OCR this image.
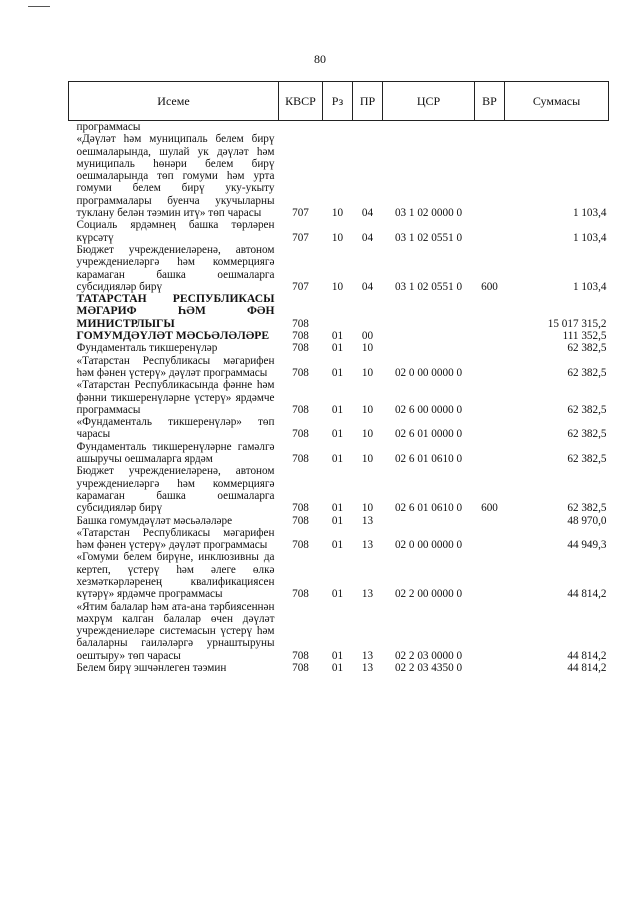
80
Исеме	КВСР	Рз	ПР	ЦСР	ВР	Суммасы
программасы						
«Дәүләт һәм муниципаль белем бирү оешмаларында, шулай ук дәүләт һәм муниципаль һөнәри белем бирү оешмаларында төп гомуми һәм урта гомуми белем бирү уку-укыту программалары буенча укучыларны туклану белән тәэмин итү» төп чарасы	707	10	04	03 1 02 0000 0		1 103,4
Социаль ярдәмнең башка төрләрен күрсәтү	707	10	04	03 1 02 0551 0		1 103,4
Бюджет учреждениеләренә, автоном учреждениеләргә һәм коммерциягә карамаган башка оешмаларга субсидияләр бирү	707	10	04	03 1 02 0551 0	600	1 103,4
ТАТАРСТАН РЕСПУБЛИКАСЫ МӘГАРИФ ҺӘМ ФӘН МИНИСТРЛЫГЫ	708					15 017 315,2
ГОМУМДӘҮЛӘТ МӘСЬӘЛӘЛӘРЕ	708	01	00			111 352,5
Фундаменталь тикшеренүләр	708	01	10			62 382,5
«Татарстан Республикасы мәгарифен һәм фәнен үстерү» дәүләт программасы	708	01	10	02 0 00 0000 0		62 382,5
«Татарстан Республикасында фәнне һәм фәнни тикшеренүләрне үстерү» ярдәмче программасы	708	01	10	02 6 00 0000 0		62 382,5
«Фундаменталь тикшеренүләр» төп чарасы	708	01	10	02 6 01 0000 0		62 382,5
Фундаменталь тикшеренүләрне гамәлгә ашыручы оешмаларга ярдәм	708	01	10	02 6 01 0610 0		62 382,5
Бюджет учреждениеләренә, автоном учреждениеләргә һәм коммерциягә карамаган башка оешмаларга субсидияләр бирү	708	01	10	02 6 01 0610 0	600	62 382,5
Башка гомумдәүләт мәсьәләләре	708	01	13			48 970,0
«Татарстан Республикасы мәгарифен һәм фәнен үстерү» дәүләт программасы	708	01	13	02 0 00 0000 0		44 949,3
«Гомуми белем бирүне, инклюзивны да кертеп, үстерү һәм әлеге өлкә хезмәткәрләренең квалификациясен күтәрү» ярдәмче программасы	708	01	13	02 2 00 0000 0		44 814,2
«Ятим балалар һәм ата-ана тәрбиясеннән мәхрүм калган балалар өчен дәүләт учреждениеләре системасын үстерү һәм балаларны гаиләләргә урнаштыруны оештыру» төп чарасы	708	01	13	02 2 03 0000 0		44 814,2
Белем бирү эшчәнлеген тәэмин	708	01	13	02 2 03 4350 0		44 814,2
